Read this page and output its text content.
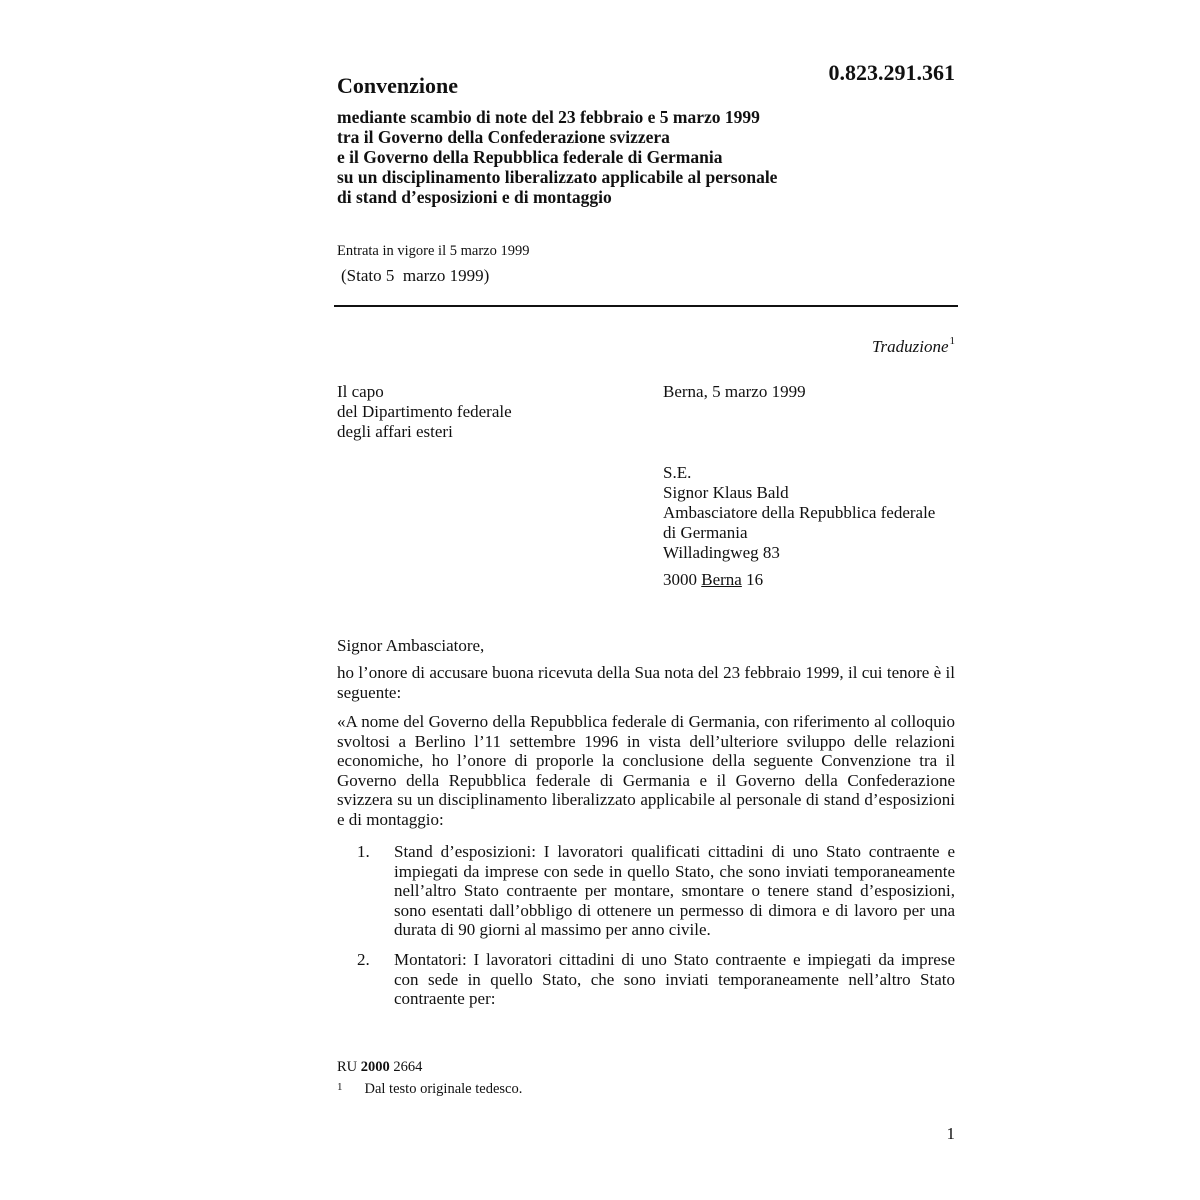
0.823.291.361
Convenzione
mediante scambio di note del 23 febbraio e 5 marzo 1999
tra il Governo della Confederazione svizzera
e il Governo della Repubblica federale di Germania
su un disciplinamento liberalizzato applicabile al personale
di stand d’esposizioni e di montaggio
Entrata in vigore il 5 marzo 1999
(Stato 5  marzo 1999)
Traduzione$^1$
Il capo
del Dipartimento federale
degli affari esteri
Berna, 5 marzo 1999
S.E.
Signor Klaus Bald
Ambasciatore della Repubblica federale
di Germania
Willadingweg 83
3000 Berna 16
Signor Ambasciatore,
ho l’onore di accusare buona ricevuta della Sua nota del 23 febbraio 1999, il cui tenore è il seguente:
«A nome del Governo della Repubblica federale di Germania, con riferimento al colloquio svoltosi a Berlino l’11 settembre 1996 in vista dell’ulteriore sviluppo delle relazioni economiche, ho l’onore di proporle la conclusione della seguente Convenzione tra il Governo della Repubblica federale di Germania e il Governo della Confederazione svizzera su un disciplinamento liberalizzato applicabile al personale di stand d’esposizioni e di montaggio:
1. Stand d’esposizioni: I lavoratori qualificati cittadini di uno Stato contraente e impiegati da imprese con sede in quello Stato, che sono inviati temporaneamente nell’altro Stato contraente per montare, smontare o tenere stand d’esposizioni, sono esentati dall’obbligo di ottenere un permesso di dimora e di lavoro per una durata di 90 giorni al massimo per anno civile.
2. Montatori: I lavoratori cittadini di uno Stato contraente e impiegati da imprese con sede in quello Stato, che sono inviati temporaneamente nell’altro Stato contraente per:
RU 2000 2664
$^1$ Dal testo originale tedesco.
1
